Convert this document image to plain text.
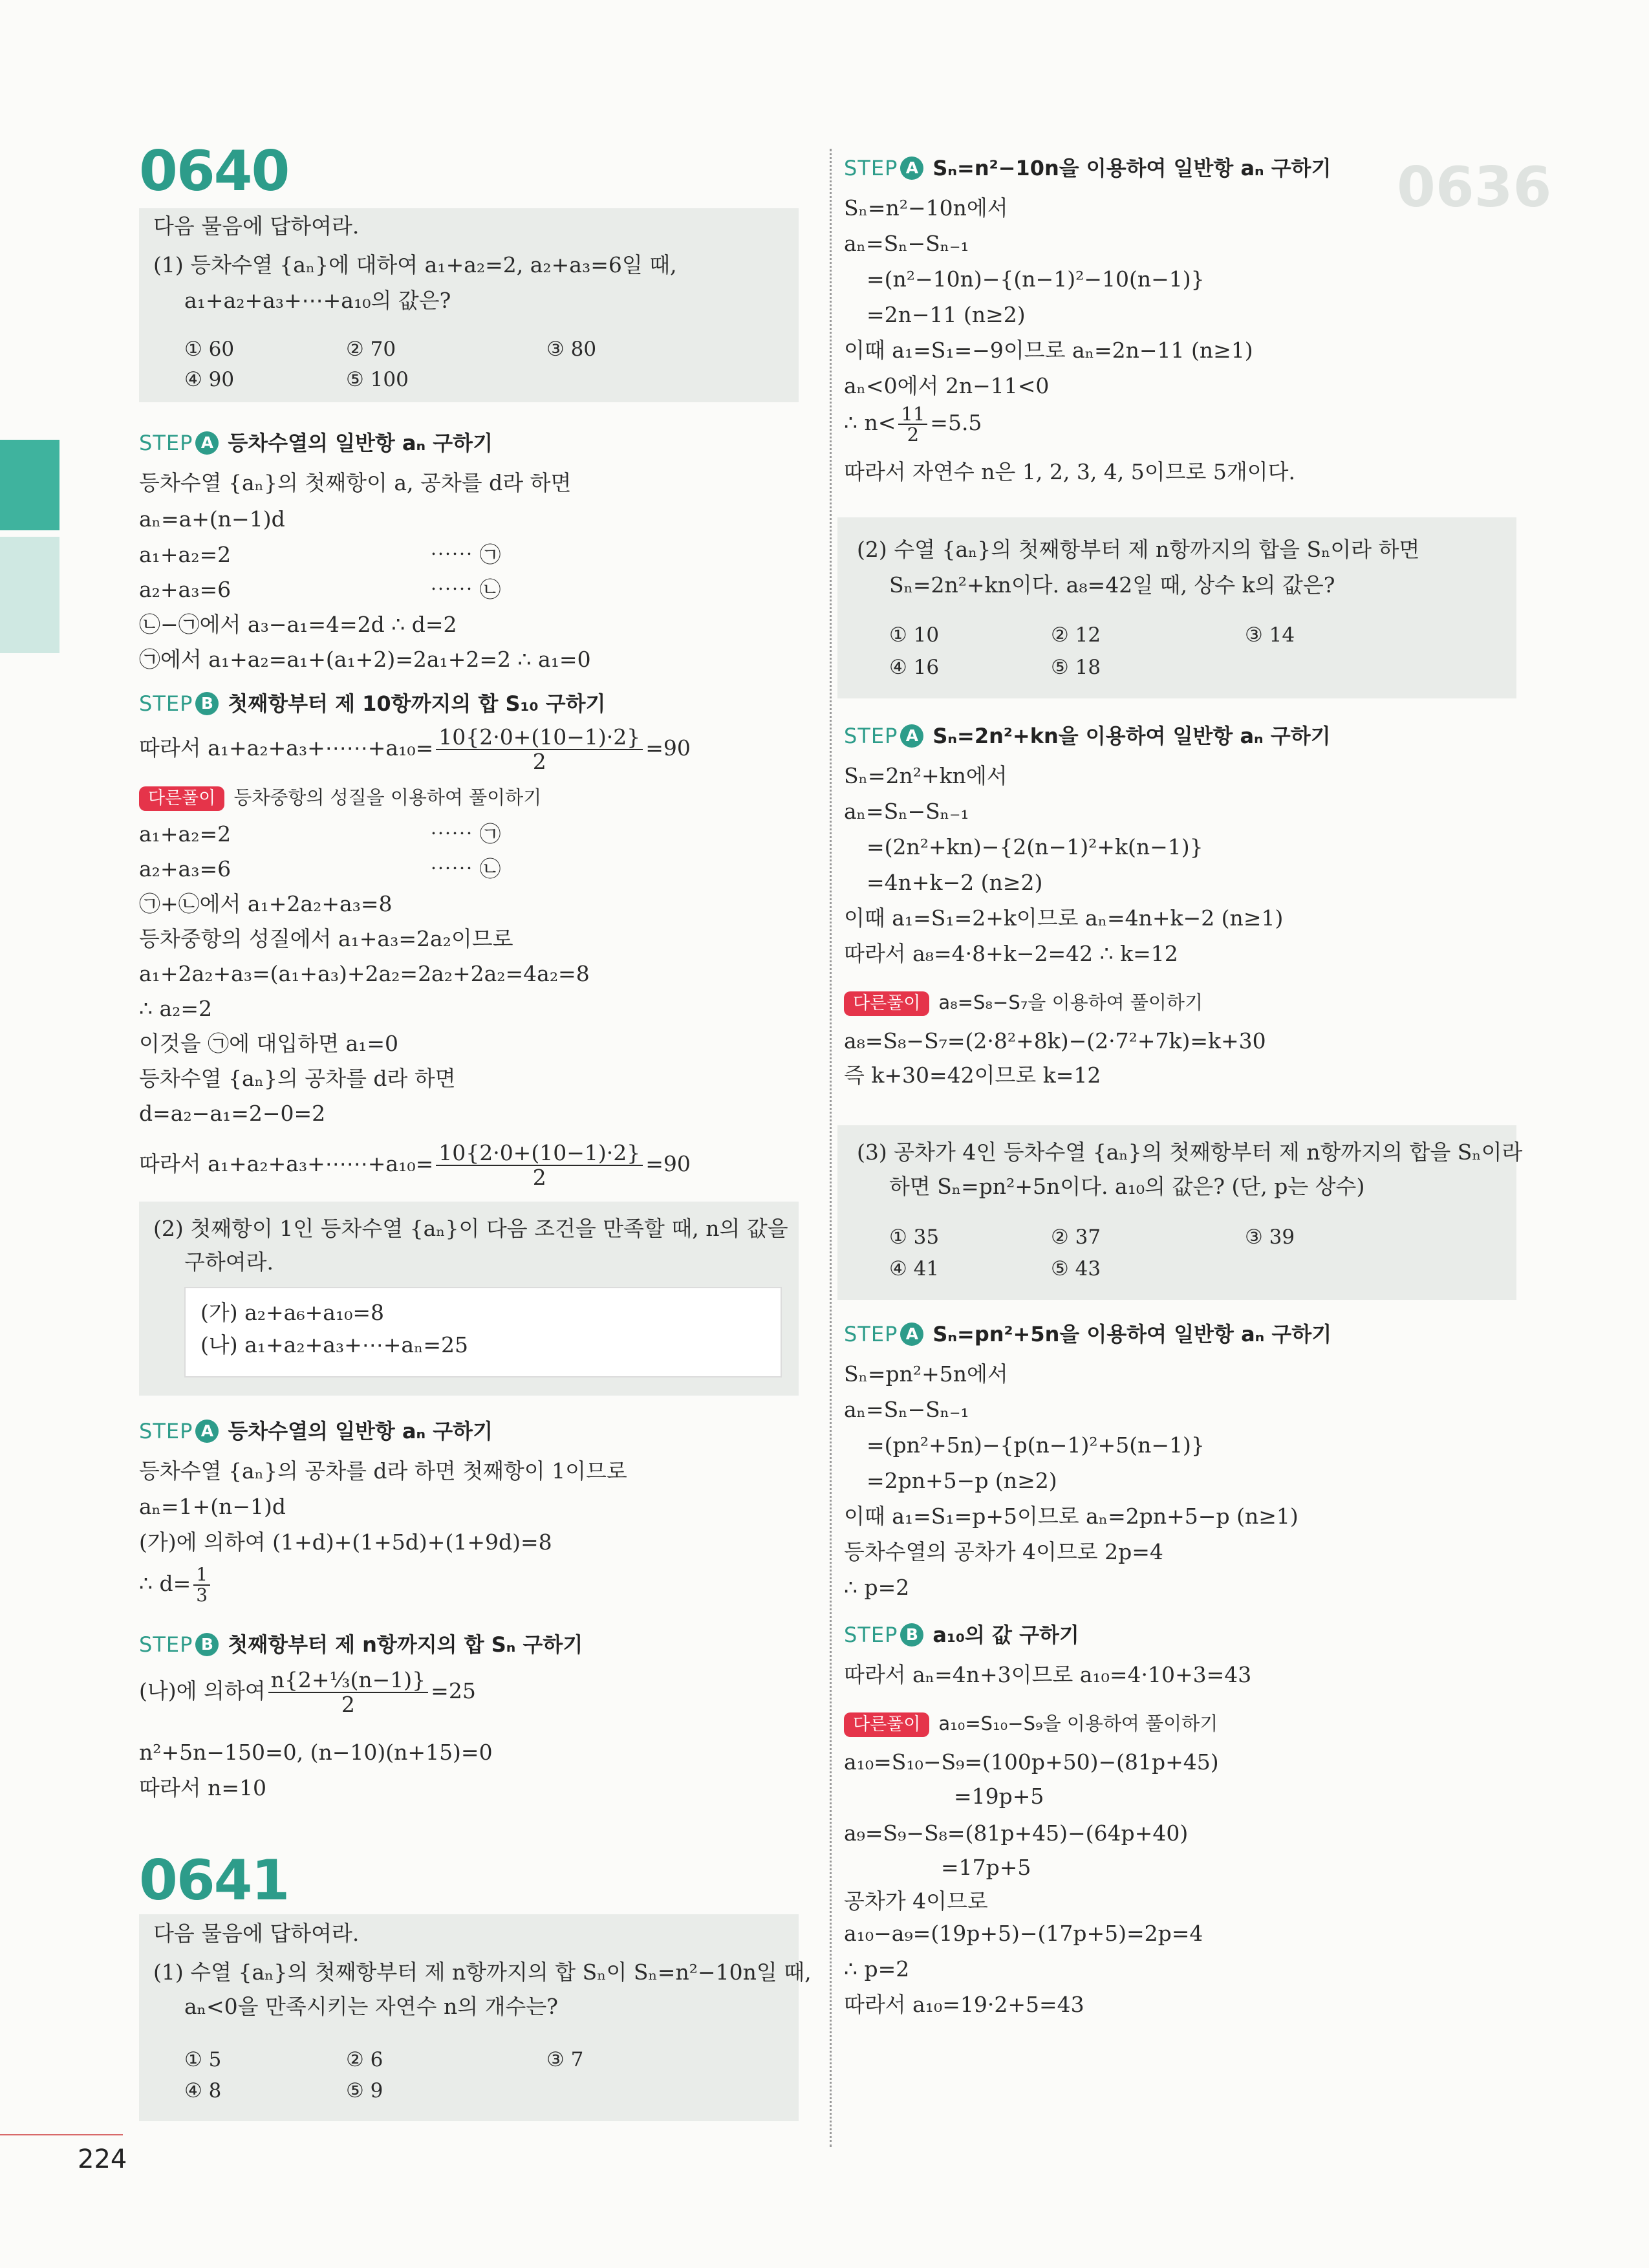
0636
0640
다음 물음에 답하여라.
(1) 등차수열 {aₙ}에 대하여 a₁+a₂=2, a₂+a₃=6일 때,
a₁+a₂+a₃+⋯+a₁₀의 값은?
① 60	② 70	③ 80
④ 90	⑤ 100
STEP A 등차수열의 일반항 aₙ 구하기
등차수열 {aₙ}의 첫째항이 a, 공차를 d라 하면
aₙ=a+(n−1)d
a₁+a₂=2	⋯⋯ ㉠
a₂+a₃=6	⋯⋯ ㉡
㉡−㉠에서 a₃−a₁=4=2d ∴ d=2
㉠에서 a₁+a₂=a₁+(a₁+2)=2a₁+2=2 ∴ a₁=0
STEP B 첫째항부터 제 10항까지의 합 S₁₀ 구하기
따라서 a₁+a₂+a₃+⋯⋯+a₁₀= $\frac{10\{2\cdot 0+(10-1)\cdot 2\}}{2} =90$
다른풀이 등차중항의 성질을 이용하여 풀이하기
a₁+a₂=2	⋯⋯ ㉠
a₂+a₃=6	⋯⋯ ㉡
㉠+㉡에서 a₁+2a₂+a₃=8
등차중항의 성질에서 a₁+a₃=2a₂이므로
a₁+2a₂+a₃=(a₁+a₃)+2a₂=2a₂+2a₂=4a₂=8
∴ a₂=2
이것을 ㉠에 대입하면 a₁=0
등차수열 {aₙ}의 공차를 d라 하면
d=a₂−a₁=2−0=2
따라서 a₁+a₂+a₃+⋯⋯+a₁₀= $\frac{10\{2\cdot 0+(10-1)\cdot 2\}}{2} =90$
(2) 첫째항이 1인 등차수열 {aₙ}이 다음 조건을 만족할 때, n의 값을
구하여라.
(가) a₂+a₆+a₁₀=8
(나) a₁+a₂+a₃+⋯+aₙ=25
STEP A 등차수열의 일반항 aₙ 구하기
등차수열 {aₙ}의 공차를 d라 하면 첫째항이 1이므로
aₙ=1+(n−1)d
(가)에 의하여 (1+d)+(1+5d)+(1+9d)=8
∴ $d= \frac{1}{3}$
STEP B 첫째항부터 제 n항까지의 합 Sₙ 구하기
(나)에 의하여 $\frac{\text{n\{2+⅓(n−1)\}}}{2} =25$
n²+5n−150=0, (n−10)(n+15)=0
따라서 n=10
0641
다음 물음에 답하여라.
(1) 수열 {aₙ}의 첫째항부터 제 n항까지의 합 Sₙ이 Sₙ=n²−10n일 때,
aₙ<0을 만족시키는 자연수 n의 개수는?
① 5	② 6	③ 7
④ 8	⑤ 9
STEP A Sₙ=n²−10n을 이용하여 일반항 aₙ 구하기
Sₙ=n²−10n에서
aₙ=Sₙ−Sₙ₋₁
=(n²−10n)−{(n−1)²−10(n−1)}
=2n−11 (n≥2)
이때 a₁=S₁=−9이므로 aₙ=2n−11 (n≥1)
aₙ<0에서 2n−11<0
∴ $n< \frac{11}{2} =5.5$
따라서 자연수 n은 1, 2, 3, 4, 5이므로 5개이다.
(2) 수열 {aₙ}의 첫째항부터 제 n항까지의 합을 Sₙ이라 하면
Sₙ=2n²+kn이다. a₈=42일 때, 상수 k의 값은?
① 10	② 12	③ 14
④ 16	⑤ 18
STEP A Sₙ=2n²+kn을 이용하여 일반항 aₙ 구하기
Sₙ=2n²+kn에서
aₙ=Sₙ−Sₙ₋₁
=(2n²+kn)−{2(n−1)²+k(n−1)}
=4n+k−2 (n≥2)
이때 a₁=S₁=2+k이므로 aₙ=4n+k−2 (n≥1)
따라서 a₈=4·8+k−2=42 ∴ k=12
다른풀이 a₈=S₈−S₇을 이용하여 풀이하기
a₈=S₈−S₇=(2·8²+8k)−(2·7²+7k)=k+30
즉 k+30=42이므로 k=12
(3) 공차가 4인 등차수열 {aₙ}의 첫째항부터 제 n항까지의 합을 Sₙ이라
하면 Sₙ=pn²+5n이다. a₁₀의 값은? (단, p는 상수)
① 35	② 37	③ 39
④ 41	⑤ 43
STEP A Sₙ=pn²+5n을 이용하여 일반항 aₙ 구하기
Sₙ=pn²+5n에서
aₙ=Sₙ−Sₙ₋₁
=(pn²+5n)−{p(n−1)²+5(n−1)}
=2pn+5−p (n≥2)
이때 a₁=S₁=p+5이므로 aₙ=2pn+5−p (n≥1)
등차수열의 공차가 4이므로 2p=4
∴ p=2
STEP B a₁₀의 값 구하기
따라서 aₙ=4n+3이므로 a₁₀=4·10+3=43
다른풀이 a₁₀=S₁₀−S₉을 이용하여 풀이하기
a₁₀=S₁₀−S₉=(100p+50)−(81p+45)
=19p+5
a₉=S₉−S₈=(81p+45)−(64p+40)
=17p+5
공차가 4이므로
a₁₀−a₉=(19p+5)−(17p+5)=2p=4
∴ p=2
따라서 a₁₀=19·2+5=43
224
